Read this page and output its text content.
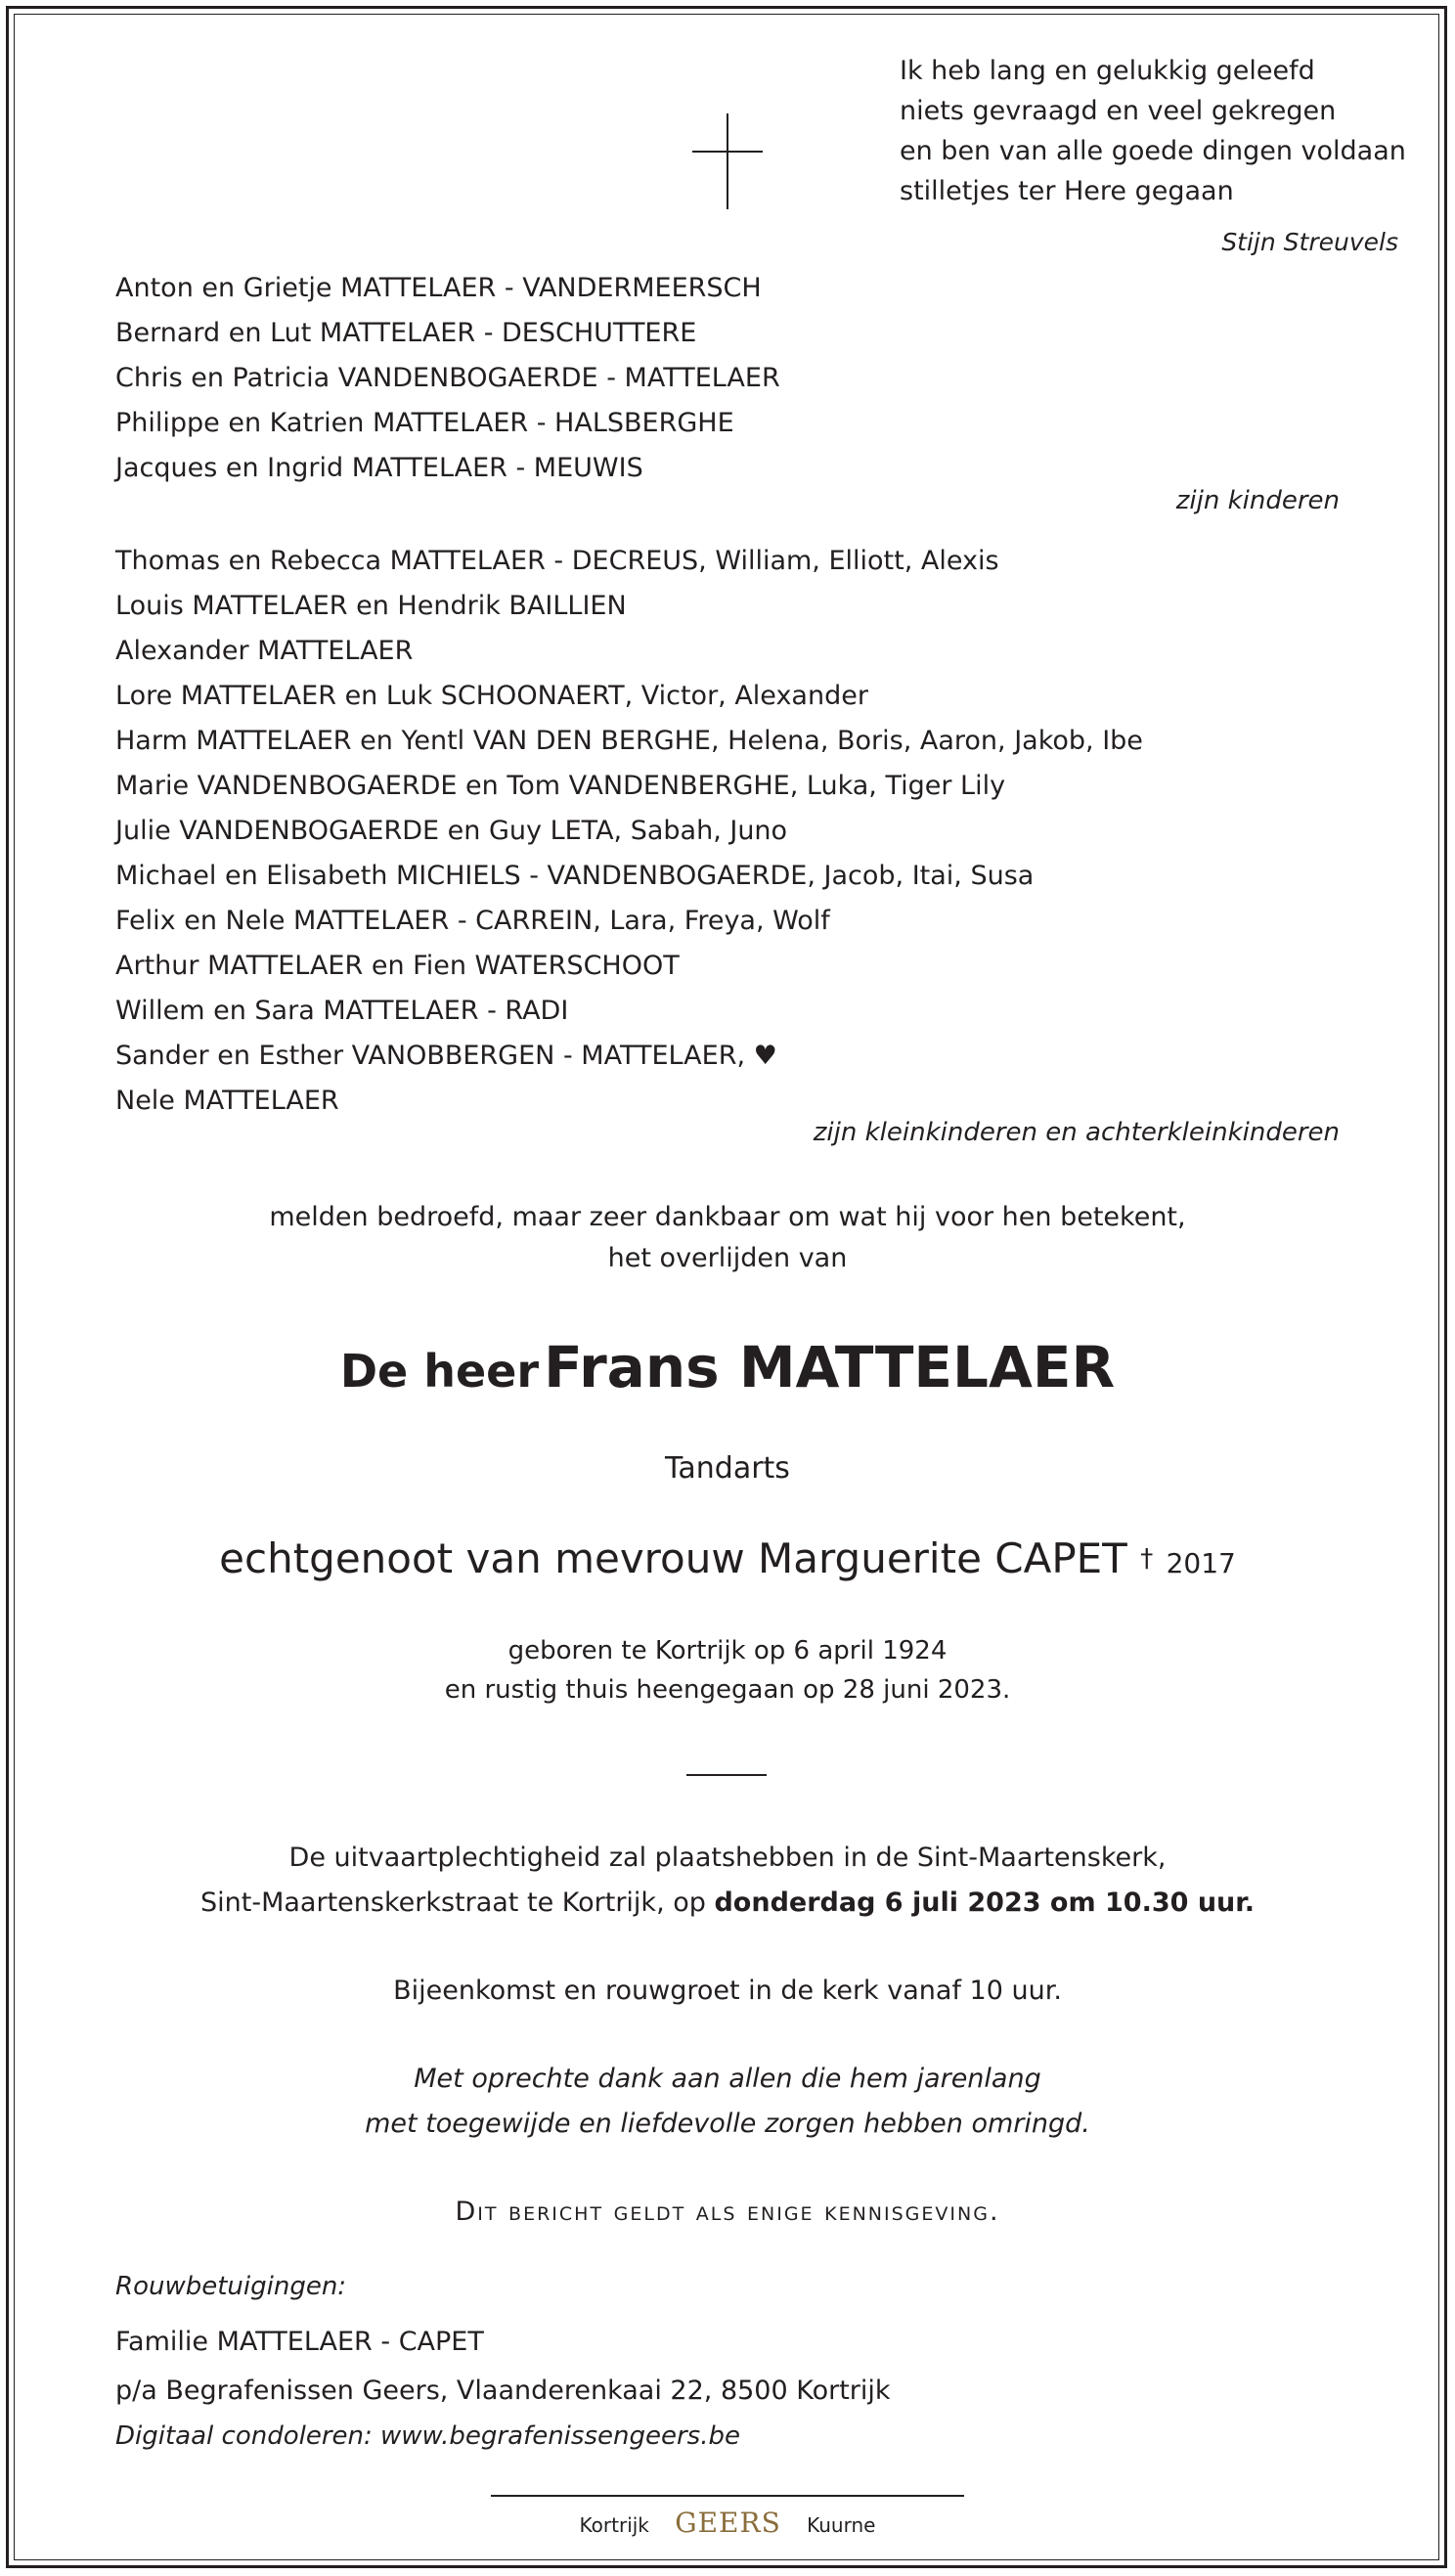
Ik heb lang en gelukkig geleefd
niets gevraagd en veel gekregen
en ben van alle goede dingen voldaan
stilletjes ter Here gegaan
Stijn Streuvels
Anton en Grietje MATTELAER - VANDERMEERSCH
Bernard en Lut MATTELAER - DESCHUTTERE
Chris en Patricia VANDENBOGAERDE - MATTELAER
Philippe en Katrien MATTELAER - HALSBERGHE
Jacques en Ingrid MATTELAER - MEUWIS
zijn kinderen
Thomas en Rebecca MATTELAER - DECREUS, William, Elliott, Alexis
Louis MATTELAER en Hendrik BAILLIEN
Alexander MATTELAER
Lore MATTELAER en Luk SCHOONAERT, Victor, Alexander
Harm MATTELAER en Yentl VAN DEN BERGHE, Helena, Boris, Aaron, Jakob, Ibe
Marie VANDENBOGAERDE en Tom VANDENBERGHE, Luka, Tiger Lily
Julie VANDENBOGAERDE en Guy LETA, Sabah, Juno
Michael en Elisabeth MICHIELS - VANDENBOGAERDE, Jacob, Itai, Susa
Felix en Nele MATTELAER - CARREIN, Lara, Freya, Wolf
Arthur MATTELAER en Fien WATERSCHOOT
Willem en Sara MATTELAER - RADI
Sander en Esther VANOBBERGEN - MATTELAER, ♥
Nele MATTELAER
zijn kleinkinderen en achterkleinkinderen
melden bedroefd, maar zeer dankbaar om wat hij voor hen betekent,
het overlijden van
De heer Frans MATTELAER
Tandarts
echtgenoot van mevrouw Marguerite CAPET † 2017
geboren te Kortrijk op 6 april 1924
en rustig thuis heengegaan op 28 juni 2023.
De uitvaartplechtigheid zal plaatshebben in de Sint-Maartenskerk,
Sint-Maartenskerkstraat te Kortrijk, op donderdag 6 juli 2023 om 10.30 uur.
Bijeenkomst en rouwgroet in de kerk vanaf 10 uur.
Met oprechte dank aan allen die hem jarenlang
met toegewijde en liefdevolle zorgen hebben omringd.
Dit bericht geldt als enige kennisgeving.
Rouwbetuigingen:
Familie MATTELAER - CAPET
p/a Begrafenissen Geers, Vlaanderenkaai 22, 8500 Kortrijk
Digitaal condoleren: www.begrafenissengeers.be
Kortrijk GEERS Kuurne
